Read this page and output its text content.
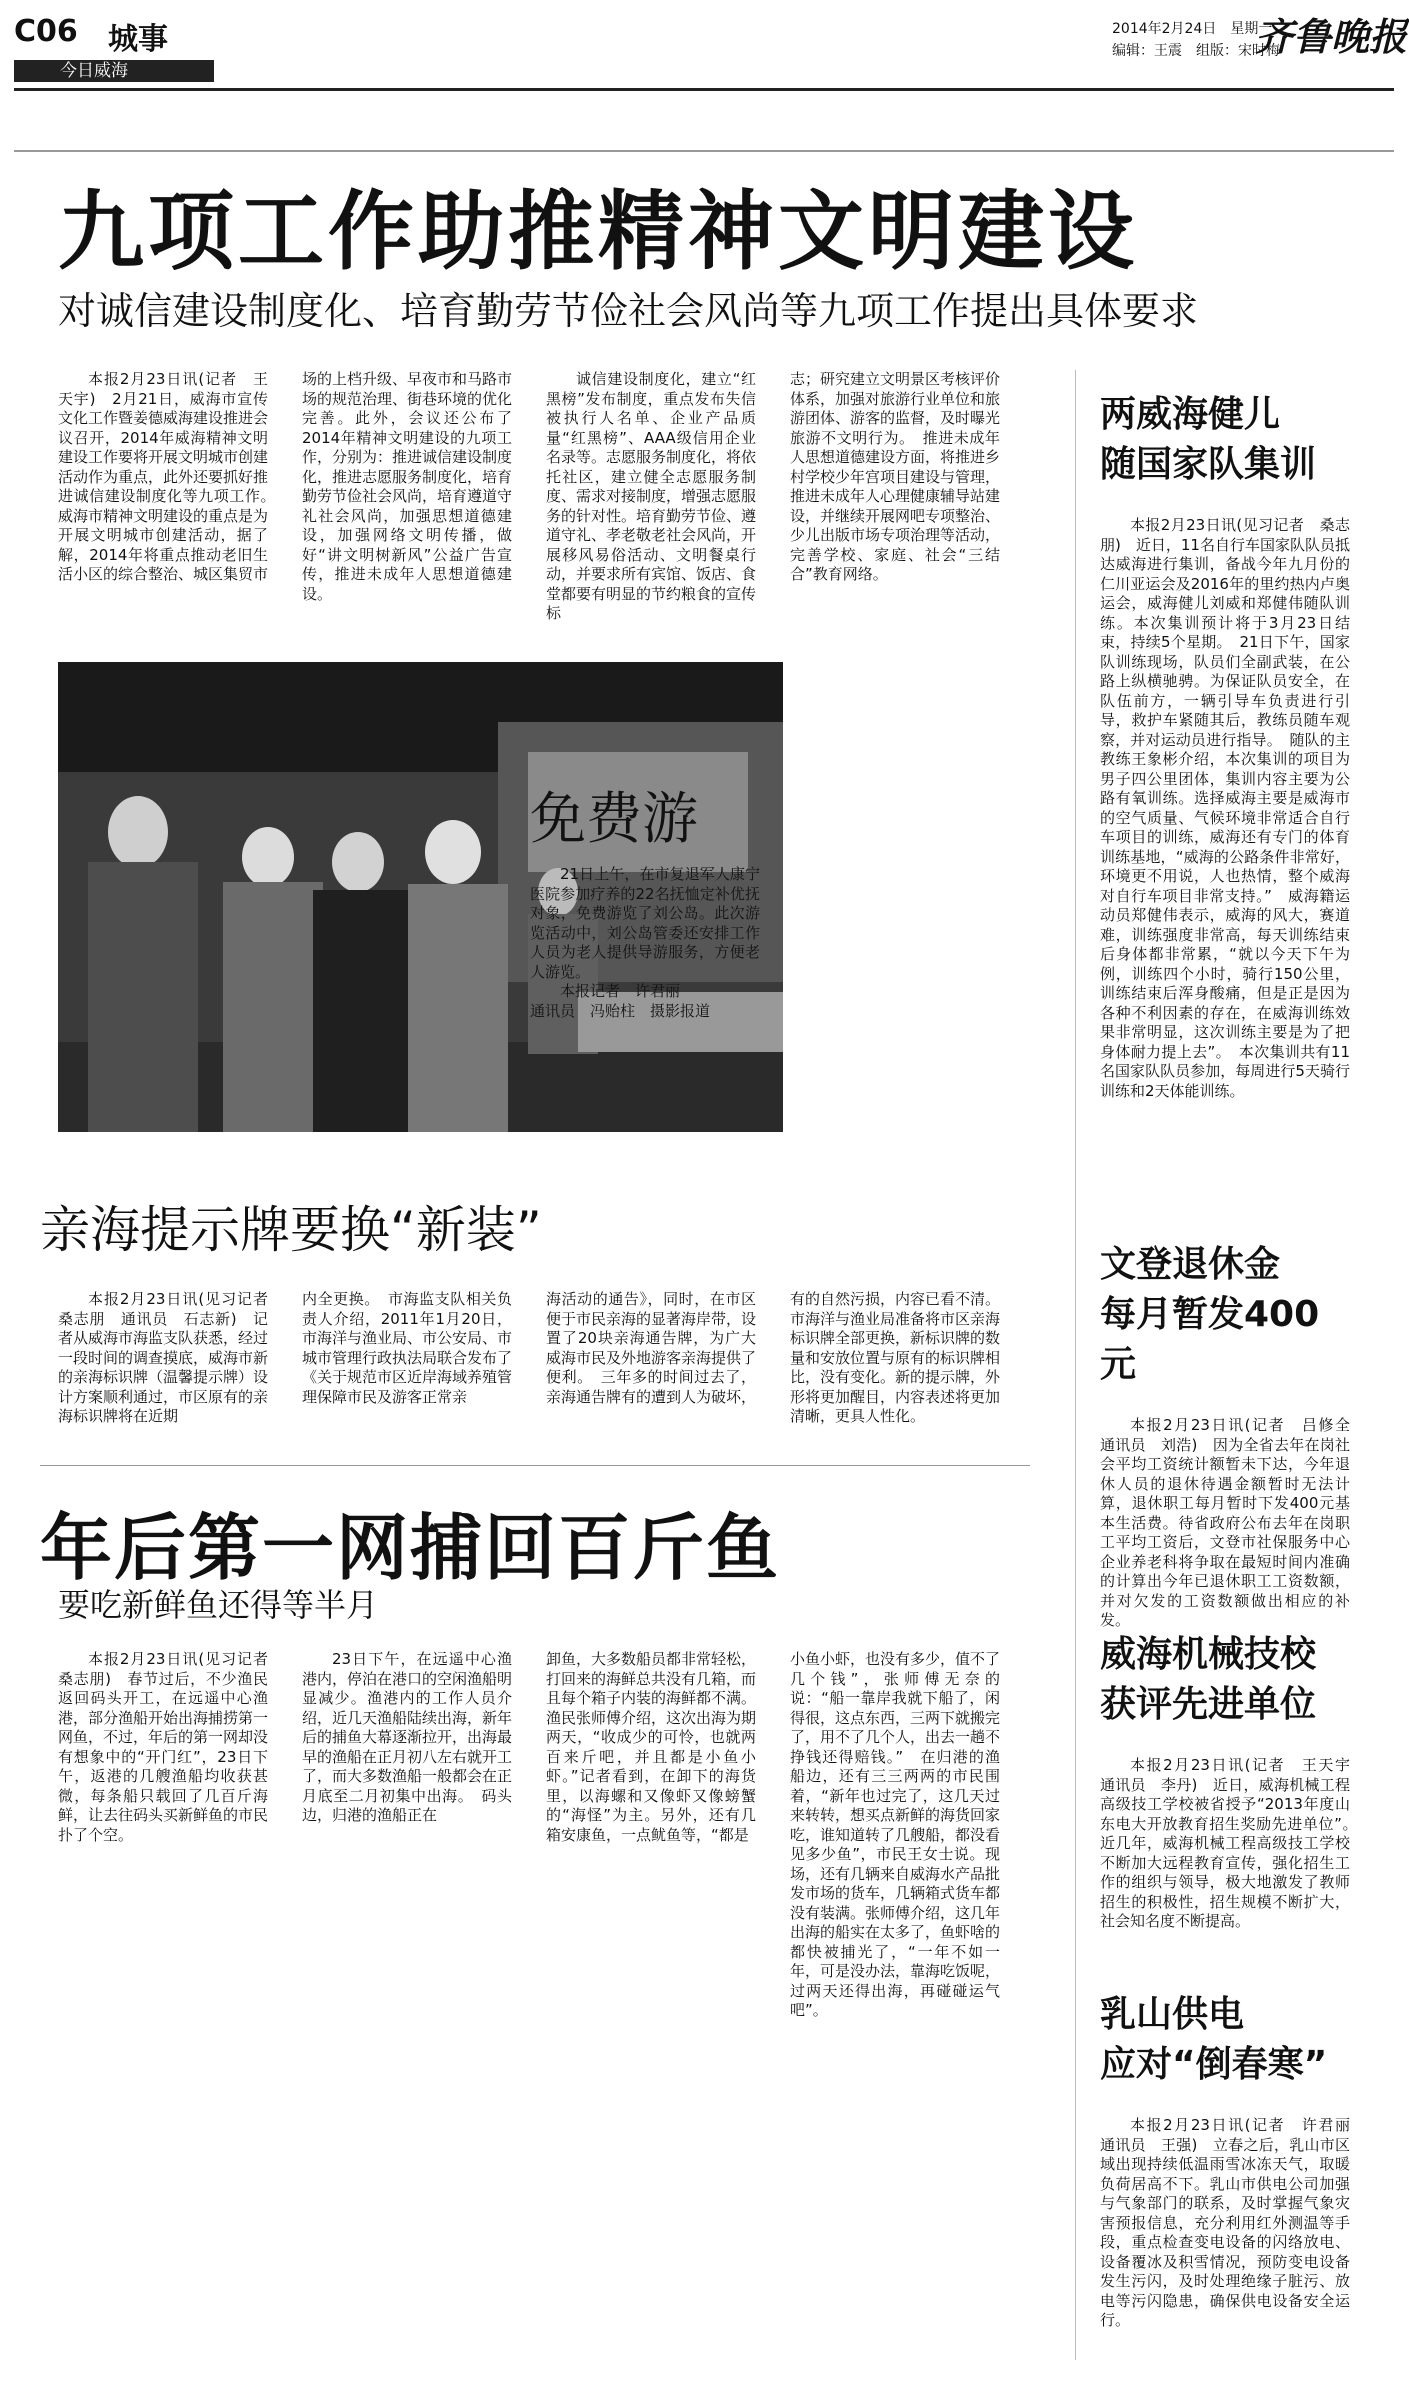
C06 城事
今日威海
2014年2月24日　星期一
编辑：王震　组版：宋时梅
齐鲁晚报
九项工作助推精神文明建设
对诚信建设制度化、培育勤劳节俭社会风尚等九项工作提出具体要求

本报2月23日讯(记者　王天宇)　2月21日，威海市宣传文化工作暨姜德威海建设推进会议召开，2014年威海精神文明建设工作要将开展文明城市创建活动作为重点，此外还要抓好推进诚信建设制度化等九项工作。　威海市精神文明建设的重点是为开展文明城市创建活动，据了解，2014年将重点推动老旧生活小区的综合整治、城区集贸市

场的上档升级、早夜市和马路市场的规范治理、街巷环境的优化完善。此外，会议还公布了2014年精神文明建设的九项工作，分别为：推进诚信建设制度化，推进志愿服务制度化，培育勤劳节俭社会风尚，培育遵道守礼社会风尚，加强思想道德建设，加强网络文明传播，做好“讲文明树新风”公益广告宣传，推进未成年人思想道德建设。

诚信建设制度化，建立“红黑榜”发布制度，重点发布失信被执行人名单、企业产品质量“红黑榜”、AAA级信用企业名录等。志愿服务制度化，将依托社区，建立健全志愿服务制度、需求对接制度，增强志愿服务的针对性。培育勤劳节俭、遵道守礼、孝老敬老社会风尚，开展移风易俗活动、文明餐桌行动，并要求所有宾馆、饭店、食堂都要有明显的节约粮食的宣传标

志；研究建立文明景区考核评价体系，加强对旅游行业单位和旅游团体、游客的监督，及时曝光旅游不文明行为。　推进未成年人思想道德建设方面，将推进乡村学校少年宫项目建设与管理，推进未成年人心理健康辅导站建设，并继续开展网吧专项整治、少儿出版市场专项治理等活动，完善学校、家庭、社会“三结合”教育网络。

免费游

21日上午，在市复退军人康宁医院参加疗养的22名抚恤定补优抚对象，免费游览了刘公岛。此次游览活动中，刘公岛管委还安排工作人员为老人提供导游服务，方便老人游览。

本报记者　许君丽

通讯员　冯贻柱　摄影报道

亲海提示牌要换“新装”

本报2月23日讯(见习记者　桑志朋　通讯员　石志新)　记者从威海市海监支队获悉，经过一段时间的调查摸底，威海市新的亲海标识牌（温馨提示牌）设计方案顺利通过，市区原有的亲海标识牌将在近期

内全更换。　市海监支队相关负责人介绍，2011年1月20日，市海洋与渔业局、市公安局、市城市管理行政执法局联合发布了《关于规范市区近岸海域养殖管理保障市民及游客正常亲

海活动的通告》，同时，在市区便于市民亲海的显著海岸带，设置了20块亲海通告牌，为广大威海市民及外地游客亲海提供了便利。　三年多的时间过去了，亲海通告牌有的遭到人为破坏，

有的自然污损，内容已看不清。市海洋与渔业局准备将市区亲海标识牌全部更换，新标识牌的数量和安放位置与原有的标识牌相比，没有变化。新的提示牌，外形将更加醒目，内容表述将更加清晰，更具人性化。

年后第一网捕回百斤鱼
要吃新鲜鱼还得等半月

本报2月23日讯(见习记者　桑志朋)　春节过后，不少渔民返回码头开工，在远遥中心渔港，部分渔船开始出海捕捞第一网鱼，不过，年后的第一网却没有想象中的“开门红”，23日下午，返港的几艘渔船均收获甚微，每条船只载回了几百斤海鲜，让去往码头买新鲜鱼的市民扑了个空。

23日下午，在远遥中心渔港内，停泊在港口的空闲渔船明显减少。渔港内的工作人员介绍，近几天渔船陆续出海，新年后的捕鱼大幕逐渐拉开，出海最早的渔船在正月初八左右就开工了，而大多数渔船一般都会在正月底至二月初集中出海。　码头边，归港的渔船正在

卸鱼，大多数船员都非常轻松，打回来的海鲜总共没有几箱，而且每个箱子内装的海鲜都不满。渔民张师傅介绍，这次出海为期两天，“收成少的可怜，也就两百来斤吧，并且都是小鱼小虾。”记者看到，在卸下的海货里，以海螺和又像虾又像螃蟹的“海怪”为主。另外，还有几箱安康鱼，一点鱿鱼等，“都是

小鱼小虾，也没有多少，值不了几个钱”，张师傅无奈的说：“船一靠岸我就下船了，闲得很，这点东西，三两下就搬完了，用不了几个人，出去一趟不挣钱还得赔钱。”　在归港的渔船边，还有三三两两的市民围着，“新年也过完了，这几天过来转转，想买点新鲜的海货回家吃，谁知道转了几艘船，都没看见多少鱼”，市民王女士说。现场，还有几辆来自威海水产品批发市场的货车，几辆箱式货车都没有装满。张师傅介绍，这几年出海的船实在太多了，鱼虾啥的都快被捕光了，“一年不如一年，可是没办法，靠海吃饭呢，过两天还得出海，再碰碰运气吧”。

两威海健儿
随国家队集训

本报2月23日讯(见习记者　桑志朋)　近日，11名自行车国家队队员抵达威海进行集训，备战今年九月份的仁川亚运会及2016年的里约热内卢奥运会，威海健儿刘威和郑健伟随队训练。本次集训预计将于3月23日结束，持续5个星期。　21日下午，国家队训练现场，队员们全副武装，在公路上纵横驰骋。为保证队员安全，在队伍前方，一辆引导车负责进行引导，救护车紧随其后，教练员随车观察，并对运动员进行指导。　随队的主教练王象彬介绍，本次集训的项目为男子四公里团体，集训内容主要为公路有氧训练。选择威海主要是威海市的空气质量、气候环境非常适合自行车项目的训练，威海还有专门的体育训练基地，“威海的公路条件非常好，环境更不用说，人也热情，整个威海对自行车项目非常支持。”　威海籍运动员郑健伟表示，威海的风大，赛道难，训练强度非常高，每天训练结束后身体都非常累，“就以今天下午为例，训练四个小时，骑行150公里，训练结束后浑身酸痛，但是正是因为各种不利因素的存在，在威海训练效果非常明显，这次训练主要是为了把身体耐力提上去”。　本次集训共有11名国家队队员参加，每周进行5天骑行训练和2天体能训练。

文登退休金
每月暂发400元

本报2月23日讯(记者　吕修全　通讯员　刘浩)　因为全省去年在岗社会平均工资统计额暂未下达，今年退休人员的退休待遇金额暂时无法计算，退休职工每月暂时下发400元基本生活费。待省政府公布去年在岗职工平均工资后，文登市社保服务中心企业养老科将争取在最短时间内准确的计算出今年已退休职工工资数额，并对欠发的工资数额做出相应的补发。

威海机械技校
获评先进单位

本报2月23日讯(记者　王天宇　通讯员　李丹)　近日，威海机械工程高级技工学校被省授予“2013年度山东电大开放教育招生奖励先进单位”。　近几年，威海机械工程高级技工学校不断加大远程教育宣传，强化招生工作的组织与领导，极大地激发了教师招生的积极性，招生规模不断扩大，社会知名度不断提高。

乳山供电
应对“倒春寒”

本报2月23日讯(记者　许君丽　通讯员　王强)　立春之后，乳山市区域出现持续低温雨雪冰冻天气，取暖负荷居高不下。乳山市供电公司加强与气象部门的联系，及时掌握气象灾害预报信息，充分利用红外测温等手段，重点检查变电设备的闪络放电、设备覆冰及积雪情况，预防变电设备发生污闪，及时处理绝缘子脏污、放电等污闪隐患，确保供电设备安全运行。
